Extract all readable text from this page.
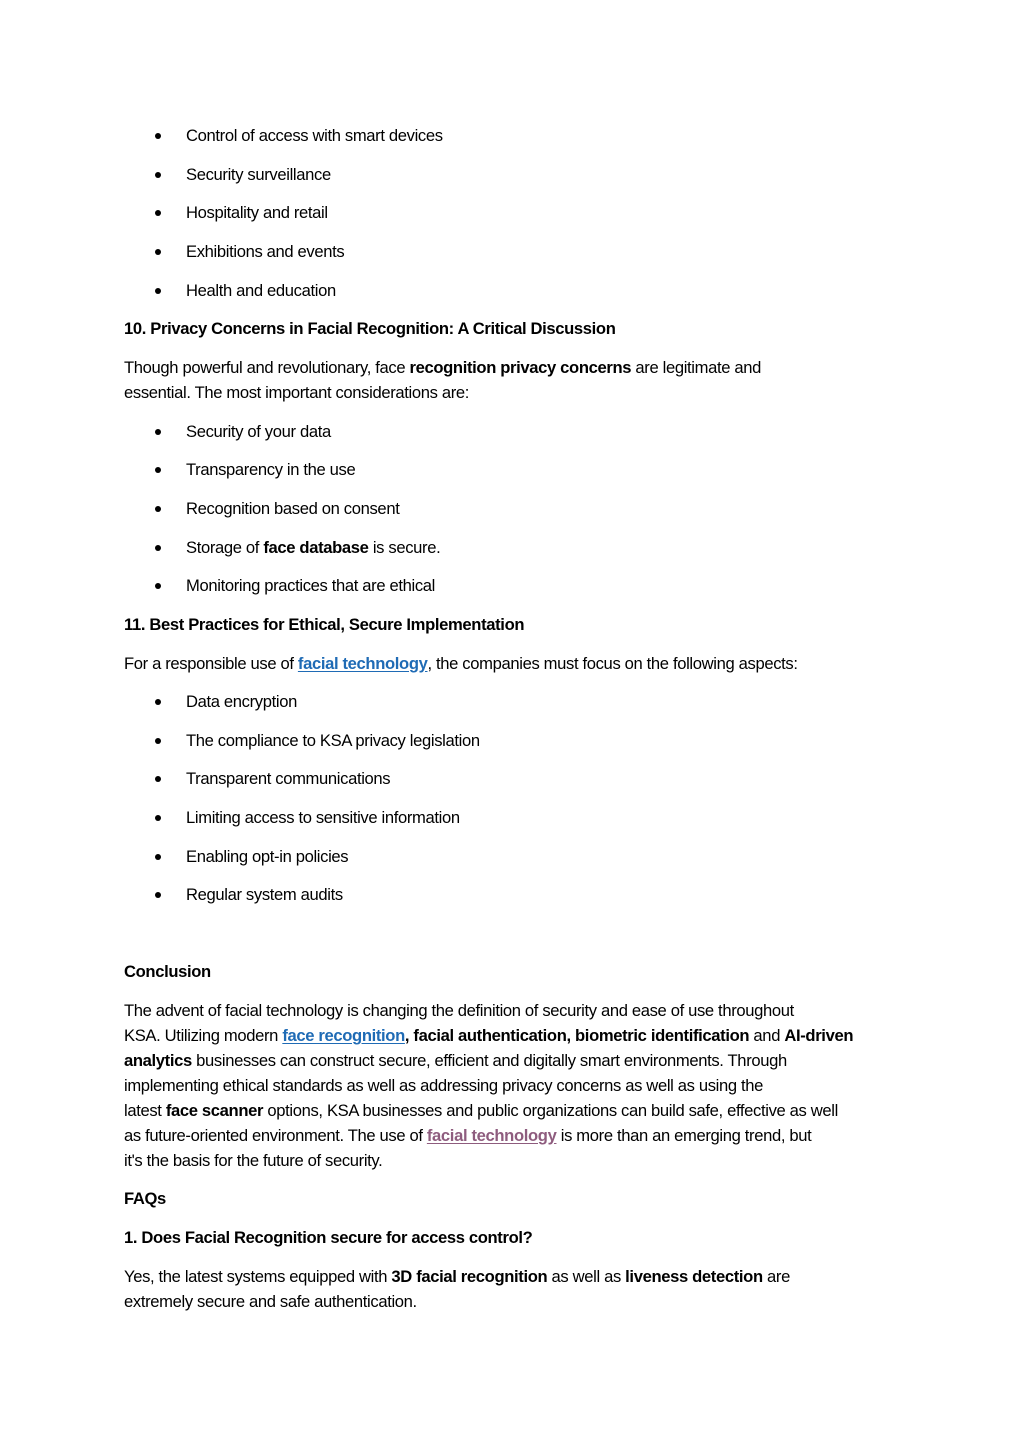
Control of access with smart devices
Security surveillance
Hospitality and retail
Exhibitions and events
Health and education
10. Privacy Concerns in Facial Recognition: A Critical Discussion
Though powerful and revolutionary, face recognition privacy concerns are legitimate and
essential. The most important considerations are:
Security of your data
Transparency in the use
Recognition based on consent
Storage of face database is secure.
Monitoring practices that are ethical
11. Best Practices for Ethical, Secure Implementation
For a responsible use of facial technology, the companies must focus on the following aspects:
Data encryption
The compliance to KSA privacy legislation
Transparent communications
Limiting access to sensitive information
Enabling opt-in policies
Regular system audits
Conclusion
The advent of facial technology is changing the definition of security and ease of use throughout
KSA. Utilizing modern face recognition, facial authentication, biometric identification and AI-driven
analytics businesses can construct secure, efficient and digitally smart environments. Through
implementing ethical standards as well as addressing privacy concerns as well as using the
latest face scanner options, KSA businesses and public organizations can build safe, effective as well
as future-oriented environment. The use of facial technology is more than an emerging trend, but
it's the basis for the future of security.
FAQs
1. Does Facial Recognition secure for access control?
Yes, the latest systems equipped with 3D facial recognition as well as liveness detection are
extremely secure and safe authentication.
